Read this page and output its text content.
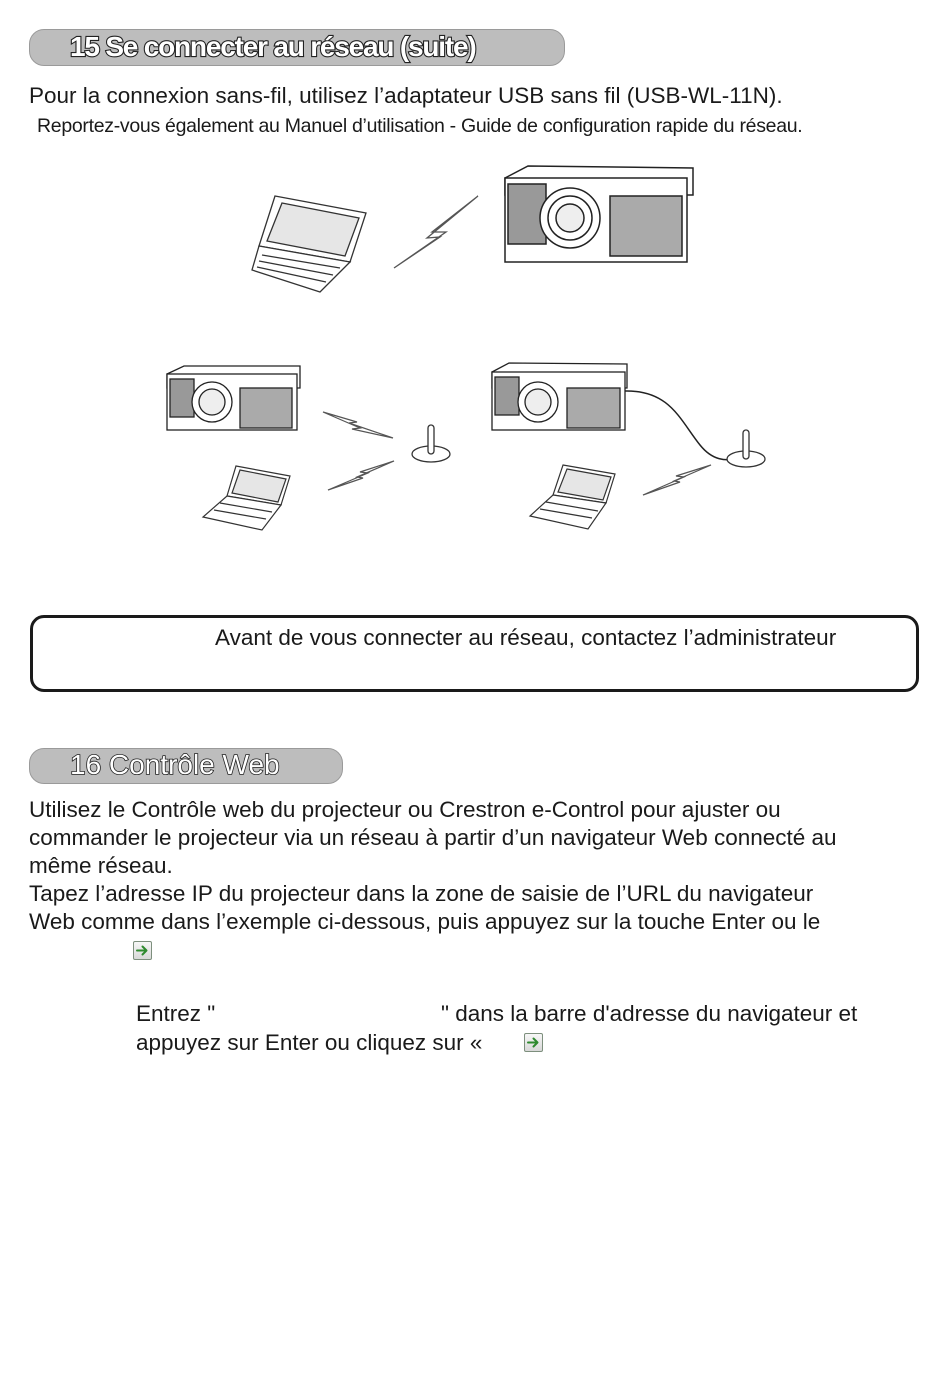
15 Se connecter au réseau (suite)
Pour la connexion sans-fil, utilisez l’adaptateur USB sans fil (USB-WL-11N).
Reportez-vous également au Manuel d’utilisation - Guide de configuration rapide du réseau.
Avant de vous connecter au réseau, contactez l’administrateur
16 Contrôle Web
Utilisez le Contrôle web du projecteur ou Crestron e-Control pour ajuster ou
commander le projecteur via un réseau à partir d’un navigateur Web connecté au
même réseau.
Tapez l’adresse IP du projecteur dans la zone de saisie de l’URL du navigateur
Web comme dans l’exemple ci-dessous, puis appuyez sur la touche Enter ou le
Entrez "	" dans la barre d'adresse du navigateur et
appuyez sur Enter ou cliquez sur «
